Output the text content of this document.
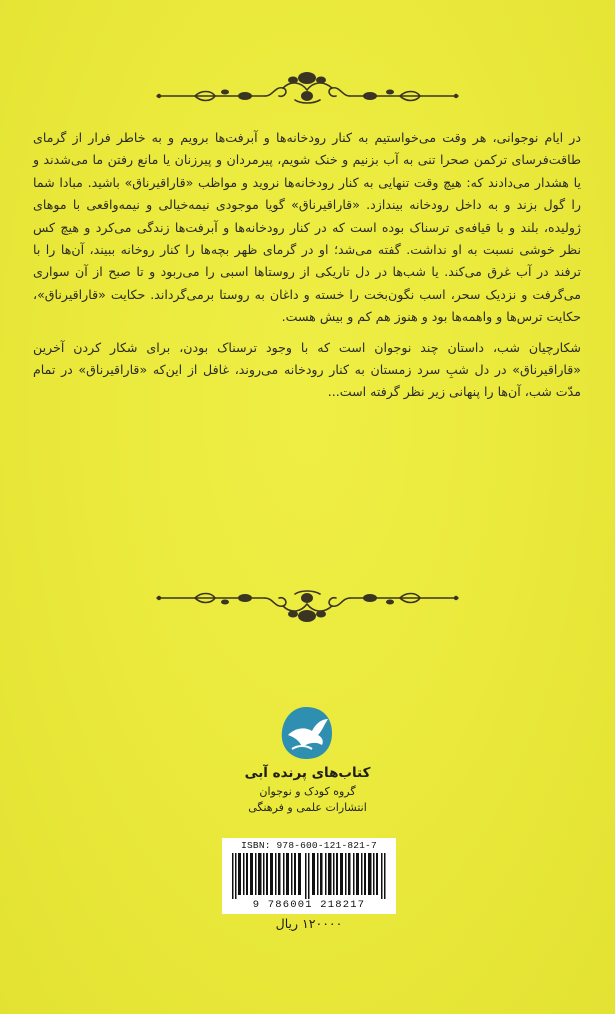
در ایام نوجوانی، هر وقت می‌خواستیم به کنار رودخانه‌ها و آبرفت‌ها برویم و به خاطر فرار از گرمای طاقت‌فرسای ترکمن صحرا تنی به آب بزنیم و خنک شویم، پیرمردان و پیرزنان یا مانع رفتن ما می‌شدند و یا هشدار می‌دادند که: هیچ وقت تنهایی به کنار رودخانه‌ها نروید و مواظب «قاراقیرناق» باشید. مبادا شما را گول بزند و به داخل رودخانه بیندازد. «قاراقیرناق» گویا موجودی نیمه‌خیالی و نیمه‌واقعی با موهای ژولیده، بلند و با قیافه‌ی ترسناک بوده است که در کنار رودخانه‌ها و آبرفت‌ها زندگی می‌کرد و هیچ کس نظر خوشی نسبت به او نداشت. گفته می‌شد؛ او در گرمای ظهر بچه‌ها را کنار روخانه ببیند، آن‌ها را با ترفند در آب غرق می‌کند. یا شب‌ها در دل تاریکی از روستاها اسبی را می‌ربود و تا صبح از آن سواری می‌گرفت و نزدیک سحر، اسب نگون‌بخت را خسته و داغان به روستا برمی‌گرداند. حکایت «قاراقیرناق»، حکایت ترس‌ها و واهمه‌ها بود و هنوز هم کم و بیش هست.

شکارچیان شب، داستان چند نوجوان است که با وجود ترسناک بودن، برای شکار کردن آخرین «قاراقیرناق» در دل شبِ سرد زمستان به کنار رودخانه می‌روند، غافل از این‌که «قاراقیرناق» در تمام مدّت شب، آن‌ها را پنهانی زیر نظر گرفته است...

کتاب‌های پرنده آبی
گروه کودک و نوجوان
انتشارات علمی و فرهنگی
ISBN: 978-600-121-821-7
9 786001 218217
۱۲۰۰۰۰ ریال
